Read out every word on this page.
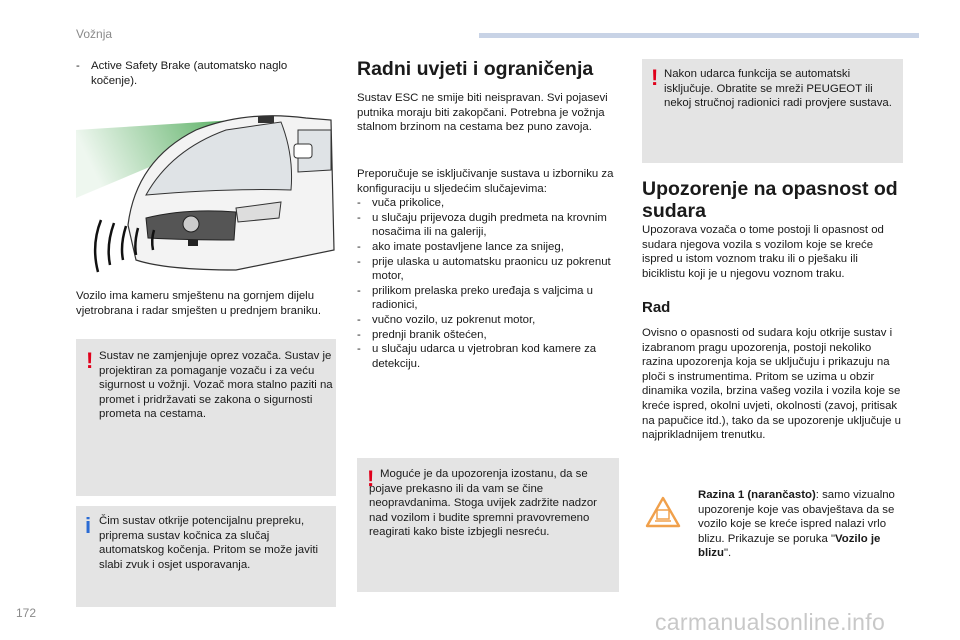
Vožnja
- Active Safety Brake (automatsko naglo kočenje).
Vozilo ima kameru smještenu na gornjem dijelu vjetrobrana i radar smješten u prednjem braniku.
! Sustav ne zamjenjuje oprez vozača. Sustav je projektiran za pomaganje vozaču i za veću sigurnost u vožnji. Vozač mora stalno paziti na promet i pridržavati se zakona o sigurnosti prometa na cestama.
i Čim sustav otkrije potencijalnu prepreku, priprema sustav kočnica za slučaj automatskog kočenja. Pritom se može javiti slabi zvuk i osjet usporavanja.
Radni uvjeti i ograničenja
Sustav ESC ne smije biti neispravan. Svi pojasevi putnika moraju biti zakopčani. Potrebna je vožnja stalnom brzinom na cestama bez puno zavoja.
Preporučuje se isključivanje sustava u izborniku za konfiguraciju u sljedećim slučajevima:
- vuča prikolice,
- u slučaju prijevoza dugih predmeta na krovnim nosačima ili na galeriji,
- ako imate postavljene lance za snijeg,
- prije ulaska u automatsku praonicu uz pokrenut motor,
- prilikom prelaska preko uređaja s valjcima u radionici,
- vučno vozilo, uz pokrenut motor,
- prednji branik oštećen,
- u slučaju udarca u vjetrobran kod kamere za detekciju.
! Moguće je da upozorenja izostanu, da se pojave prekasno ili da vam se čine neopravdanima. Stoga uvijek zadržite nadzor nad vozilom i budite spremni pravovremeno reagirati kako biste izbjegli nesreću.
! Nakon udarca funkcija se automatski isključuje. Obratite se mreži PEUGEOT ili nekoj stručnoj radionici radi provjere sustava.
Upozorenje na opasnost od sudara
Upozorava vozača o tome postoji li opasnost od sudara njegova vozila s vozilom koje se kreće ispred u istom voznom traku ili o pješaku ili biciklistu koji je u njegovu voznom traku.
Rad
Ovisno o opasnosti od sudara koju otkrije sustav i izabranom pragu upozorenja, postoji nekoliko razina upozorenja koja se uključuju i prikazuju na ploči s instrumentima. Pritom se uzima u obzir dinamika vozila, brzina vašeg vozila i vozila koje se kreće ispred, okolni uvjeti, okolnosti (zavoj, pritisak na papučice itd.), tako da se upozorenje uključuje u najprikladnijem trenutku.
Razina 1 (narančasto): samo vizualno upozorenje koje vas obavještava da se vozilo koje se kreće ispred nalazi vrlo blizu. Prikazuje se poruka "Vozilo je blizu".
172	carmanualsonline.info
